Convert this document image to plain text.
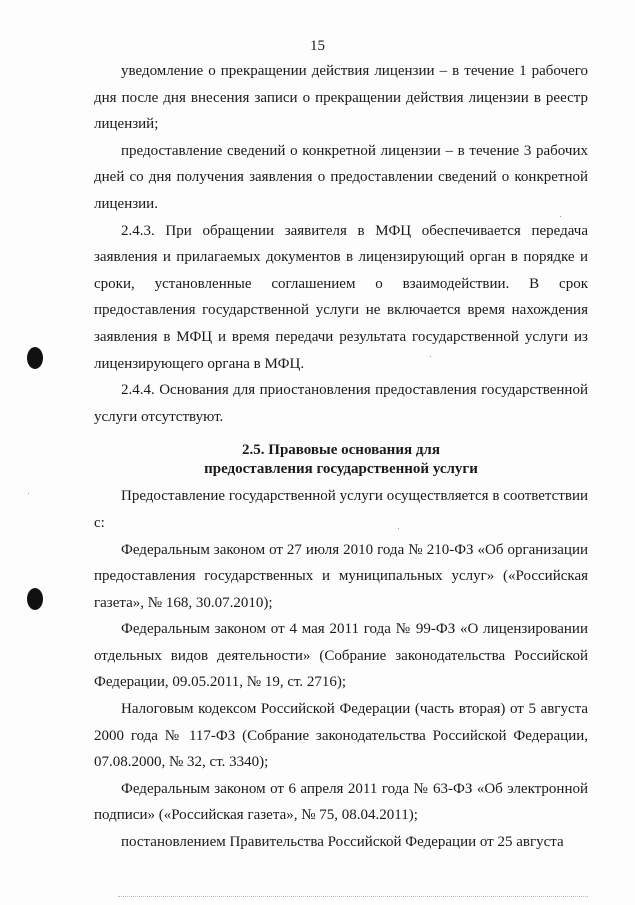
15

уведомление о прекращении действия лицензии – в течение 1 рабочего дня после дня внесения записи о прекращении действия лицензии в реестр лицензий;

предоставление сведений о конкретной лицензии – в течение 3 рабочих дней со дня получения заявления о предоставлении сведений о конкретной лицензии.

2.4.3. При обращении заявителя в МФЦ обеспечивается передача заявления и прилагаемых документов в лицензирующий орган в порядке и сроки, установленные соглашением о взаимодействии. В срок предоставления государственной услуги не включается время нахождения заявления в МФЦ и время передачи результата государственной услуги из лицензирующего органа в МФЦ.

2.4.4. Основания для приостановления предоставления государственной услуги отсутствуют.

2.5. Правовые основания для
предоставления государственной услуги

Предоставление государственной услуги осуществляется в соответствии с:

Федеральным законом от 27 июля 2010 года № 210-ФЗ «Об организации предоставления государственных и муниципальных услуг» («Российская газета», № 168, 30.07.2010);

Федеральным законом от 4 мая 2011 года № 99-ФЗ «О лицензировании отдельных видов деятельности» (Собрание законодательства Российской Федерации, 09.05.2011, № 19, ст. 2716);

Налоговым кодексом Российской Федерации (часть вторая) от 5 августа 2000 года № 117-ФЗ (Собрание законодательства Российской Федерации, 07.08.2000, № 32, ст. 3340);

Федеральным законом от 6 апреля 2011 года № 63-ФЗ «Об электронной подписи» («Российская газета», № 75, 08.04.2011);

постановлением Правительства Российской Федерации от 25 августа
